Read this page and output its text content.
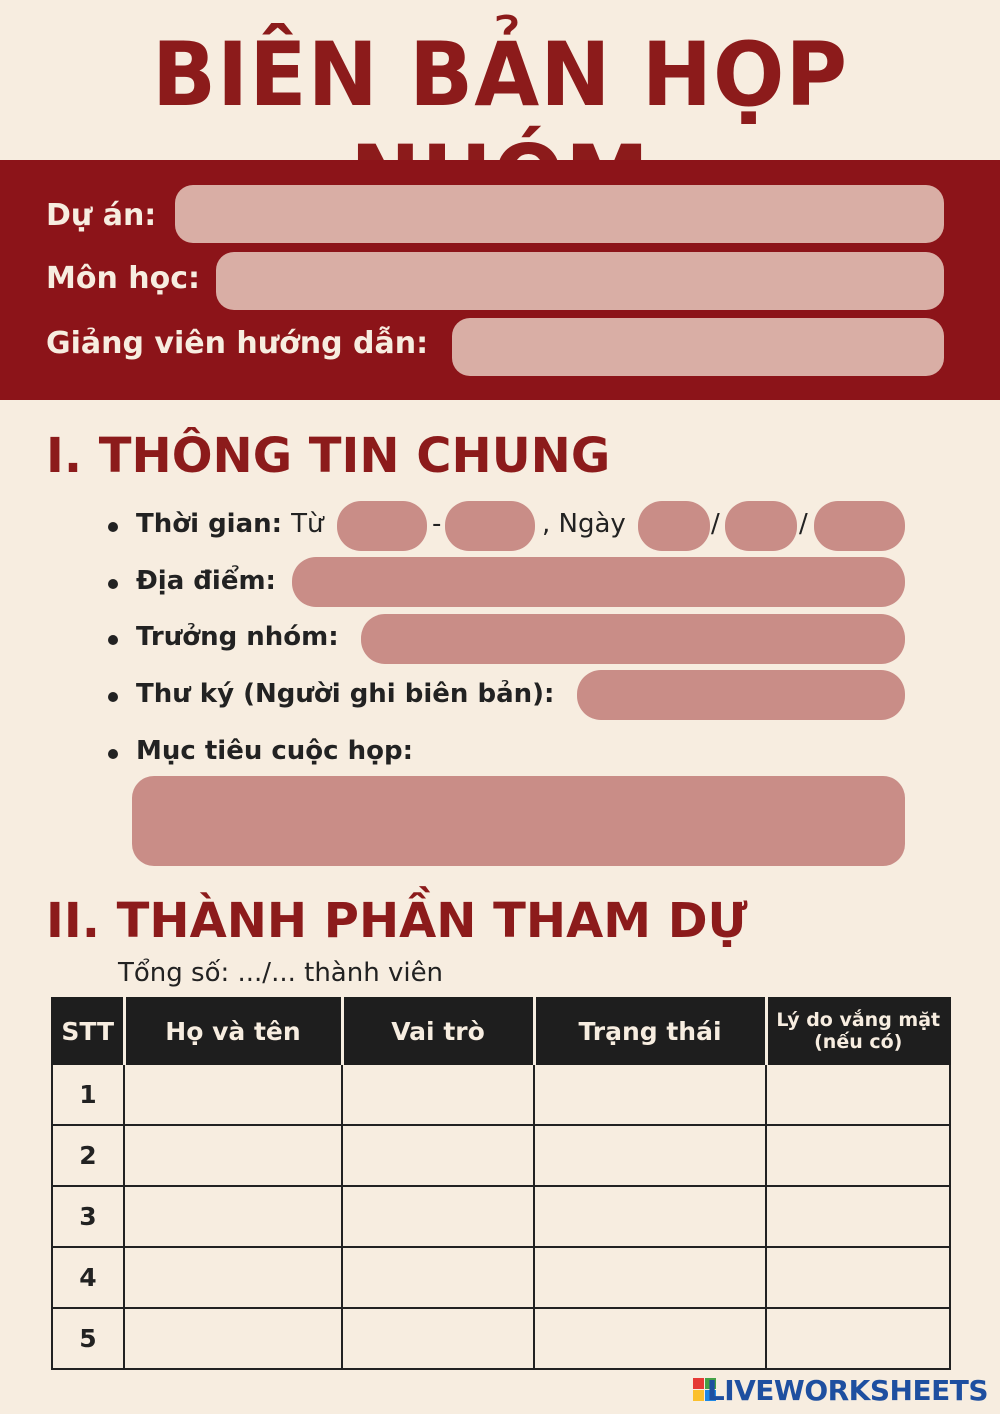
BIÊN BẢN HỌP
Dự án:
Môn học:
Giảng viên hướng dẫn:
I. THÔNG TIN CHUNG
Thời gian: Từ	-	, Ngày	/	/
Địa điểm:
Trưởng nhóm:
Thư ký (Người ghi biên bản):
Mục tiêu cuộc họp:
II. THÀNH PHẦN THAM DỰ
Tổng số: .../... thành viên
STT	Họ và tên	Vai trò	Trạng thái	Lý do vắng mặt (nếu có)
1				
2				
3				
4				
5				
LIVEWORKSHEETS
